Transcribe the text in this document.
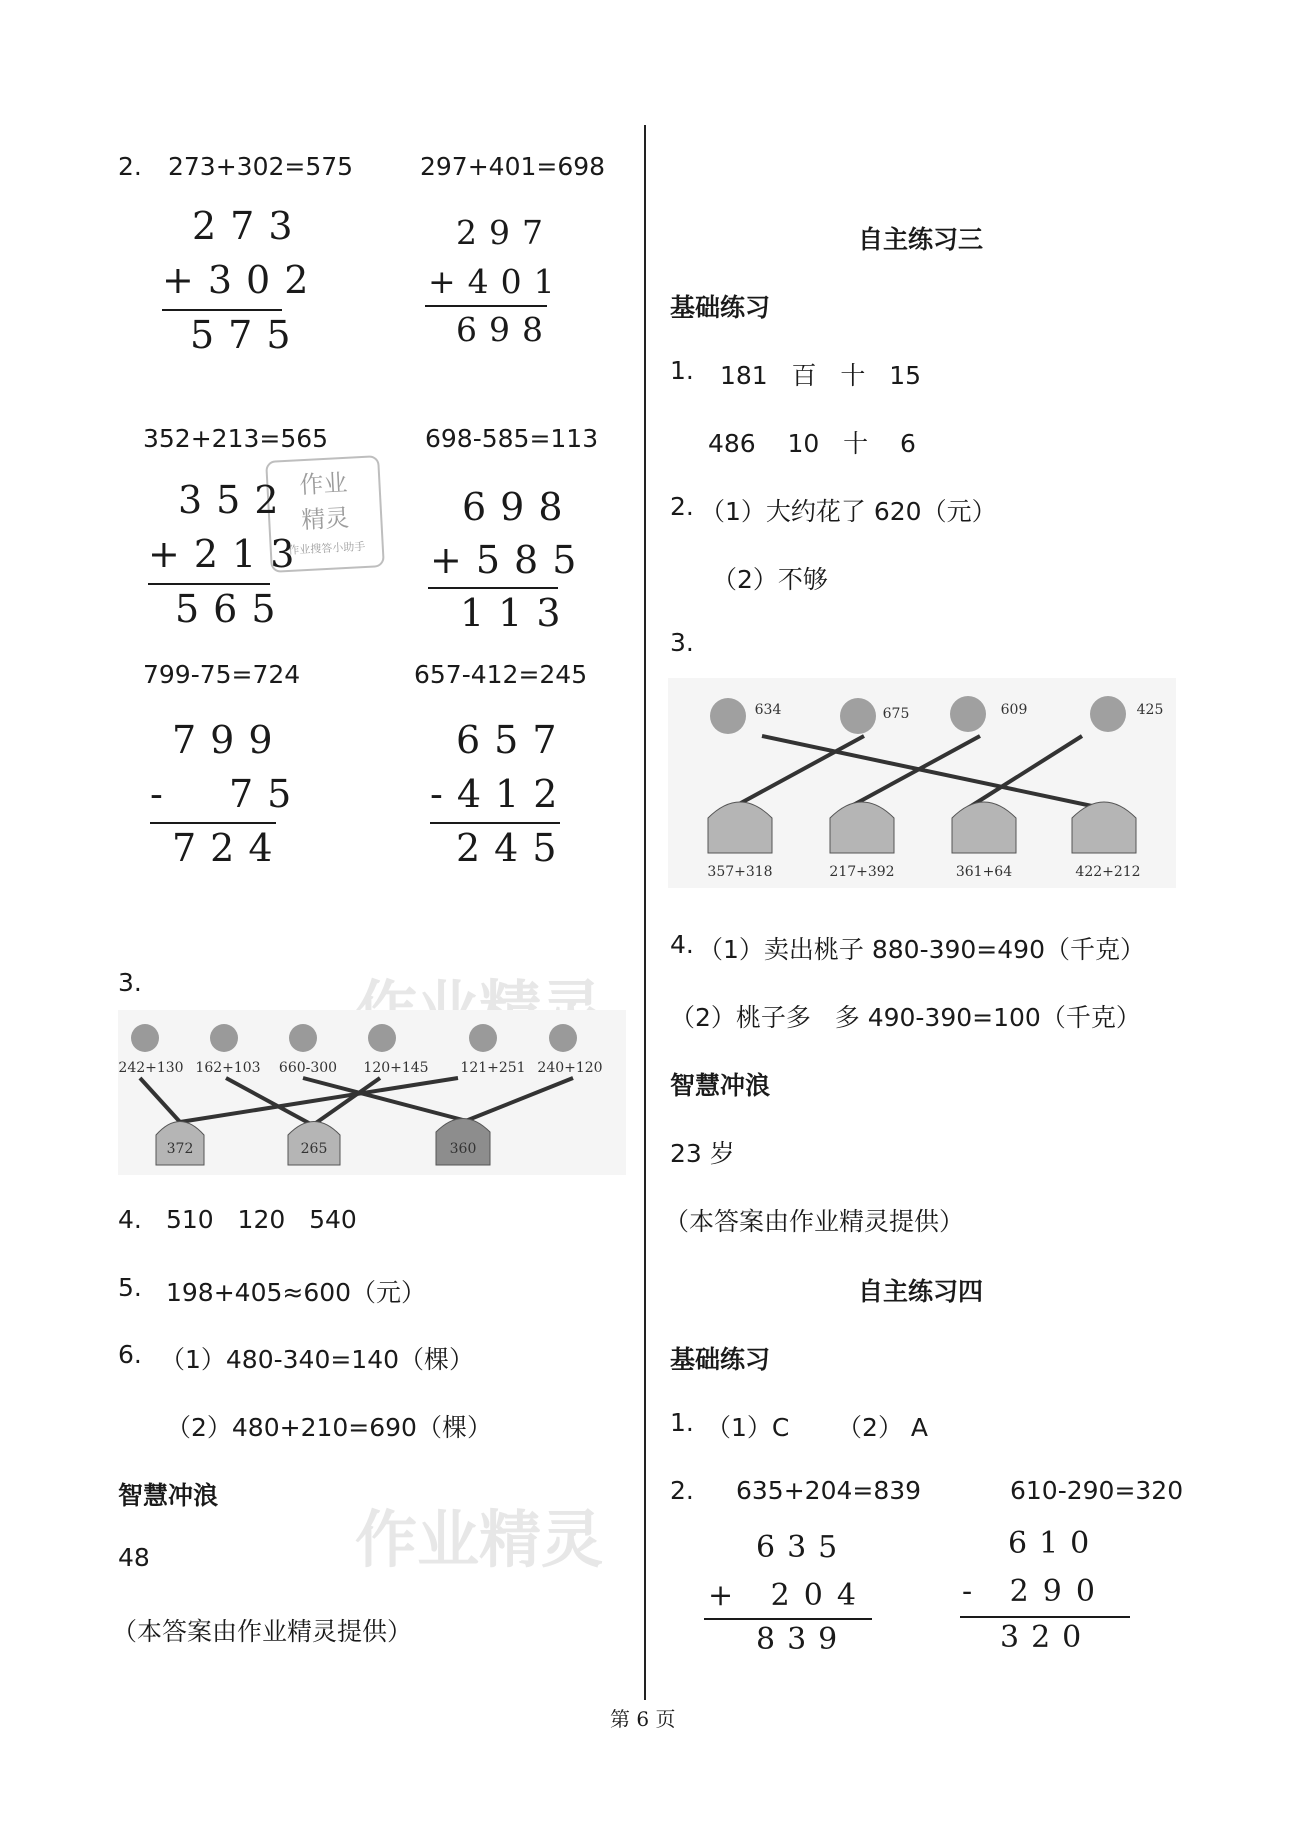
作业精灵
作业
精灵
作业搜答小助手
2. 273+302=575
273
+302
575
297+401=698
297
+401
698
352+213=565
352
+213
565
698-585=113
698
+585
113
799-75=724
799
-  75
724
657-412=245
657
-412
245
3.
242+130 162+103 660-300 120+145 121+251 240+120
372	265	360
4. 510   120   540
5. 198+405≈600（元）
6. （1）480-340=140（棵）
（2）480+210=690（棵）
智慧冲浪
48
（本答案由作业精灵提供）
自主练习三
基础练习
1. 181   百   十   15
486    10   十    6
2. （1）大约花了 620（元）
（2）不够
3.
634	675	609	425
357+318	217+392	361+64	422+212
4. （1）卖出桃子 880-390=490（千克）
（2）桃子多   多 490-390=100（千克）
智慧冲浪
23 岁
（本答案由作业精灵提供）
自主练习四
基础练习
1. （1）C      （2） A
2. 635+204=839
635
+ 204
839
610-290=320
610
- 290
320
第 6 页
